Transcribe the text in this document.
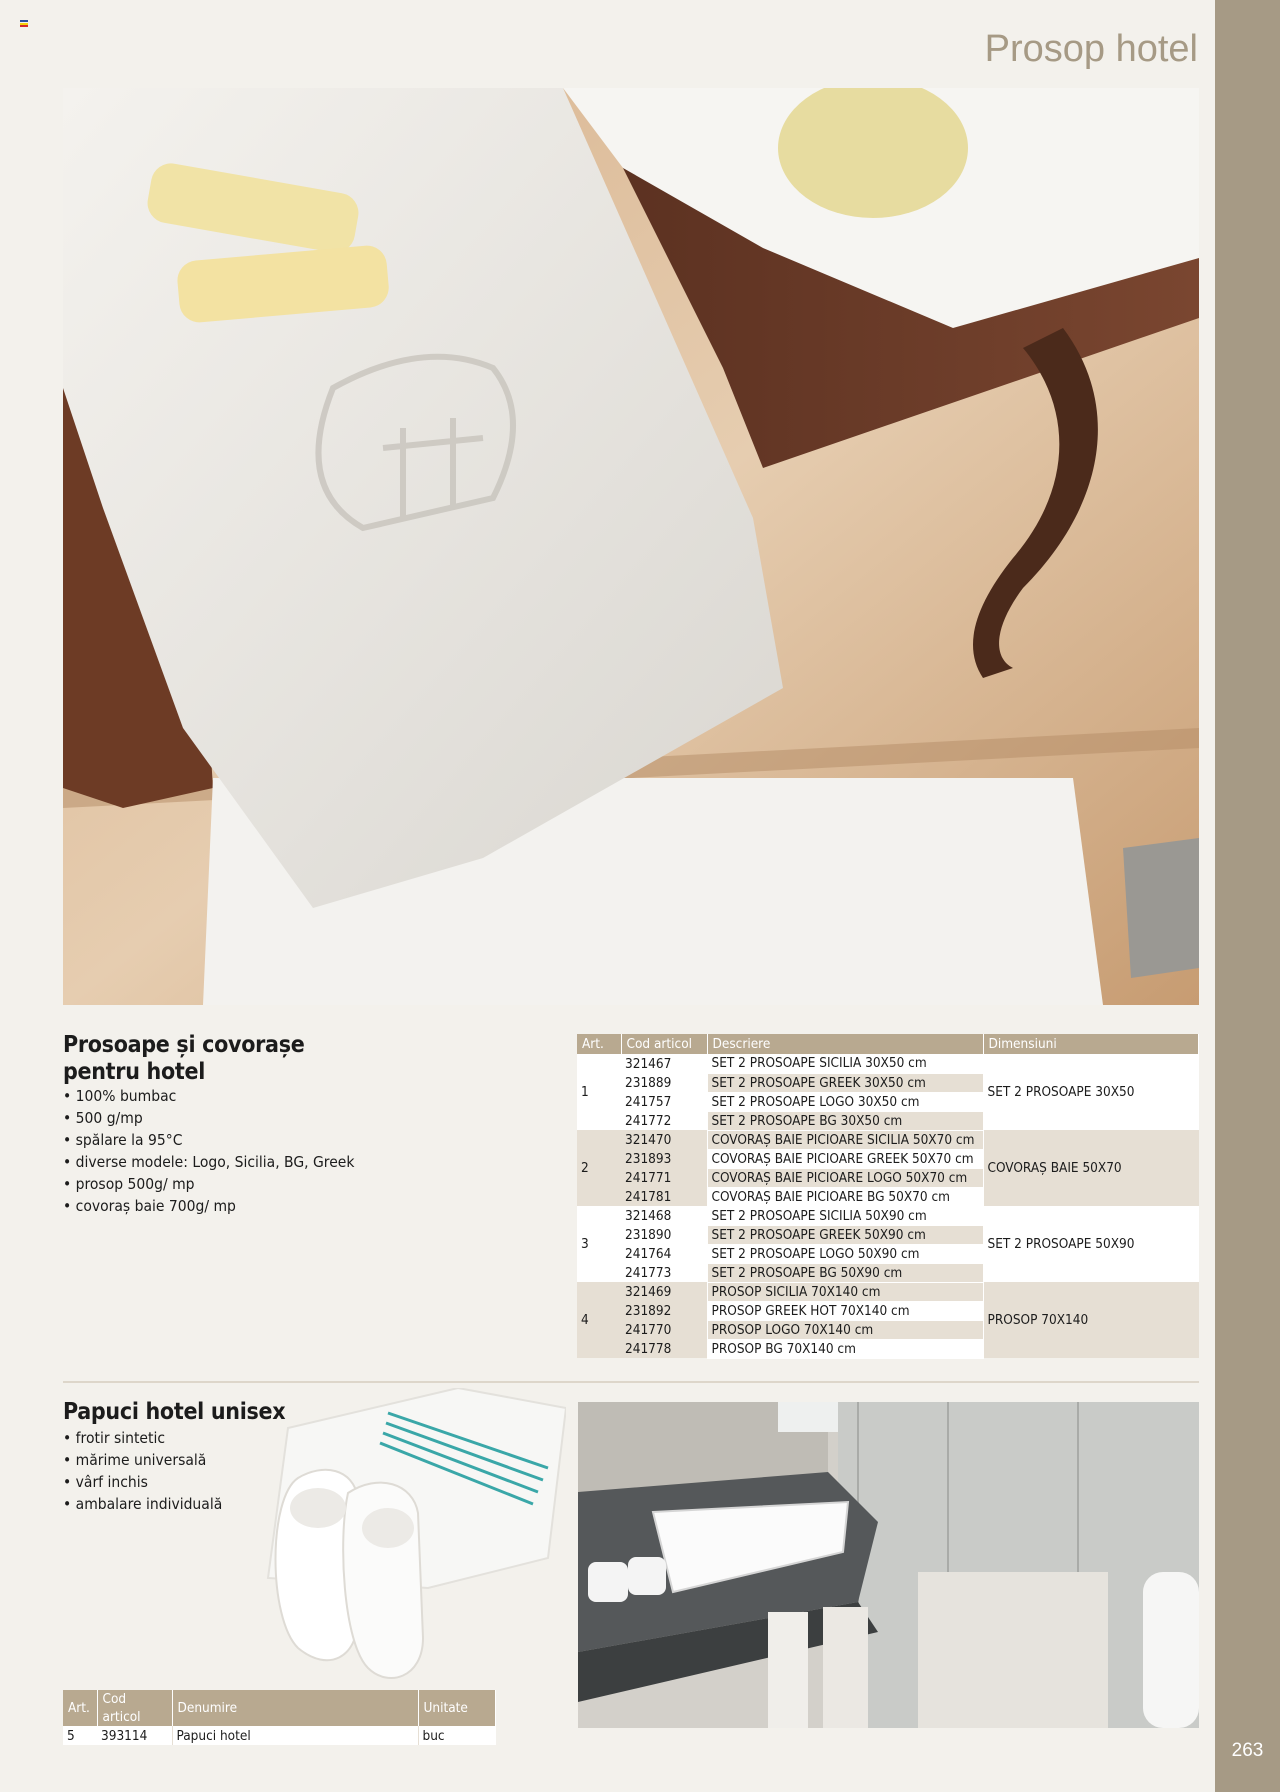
263
Prosop hotel
Prosoape și covorașe
pentru hotel
• 100% bumbac
• 500 g/mp
• spălare la 95°C
• diverse modele: Logo, Sicilia, BG, Greek
• prosop 500g/ mp
• covoraș baie 700g/ mp
Art.	Cod articol	Descriere	Dimensiuni
1	321467	SET 2 PROSOAPE SICILIA 30X50 cm	SET 2 PROSOAPE 30X50
	231889	SET 2 PROSOAPE GREEK 30X50 cm	
	241757	SET 2 PROSOAPE LOGO 30X50 cm	
	241772	SET 2 PROSOAPE BG 30X50 cm	
2	321470	COVORAȘ BAIE PICIOARE SICILIA 50X70 cm	COVORAȘ BAIE 50X70
	231893	COVORAȘ BAIE PICIOARE GREEK 50X70 cm	
	241771	COVORAȘ BAIE PICIOARE LOGO 50X70 cm	
	241781	COVORAȘ BAIE PICIOARE BG 50X70 cm	
3	321468	SET 2 PROSOAPE SICILIA 50X90 cm	SET 2 PROSOAPE 50X90
	231890	SET 2 PROSOAPE GREEK 50X90 cm	
	241764	SET 2 PROSOAPE LOGO 50X90 cm	
	241773	SET 2 PROSOAPE BG 50X90 cm	
4	321469	PROSOP SICILIA 70X140 cm	PROSOP 70X140
	231892	PROSOP GREEK HOT 70X140 cm	
	241770	PROSOP LOGO 70X140 cm	
	241778	PROSOP BG 70X140 cm	
Papuci hotel unisex
• frotir sintetic
• mărime universală
• vârf inchis
• ambalare individuală
Art.	Cod articol	Denumire	Unitate
5	393114	Papuci hotel	buc
